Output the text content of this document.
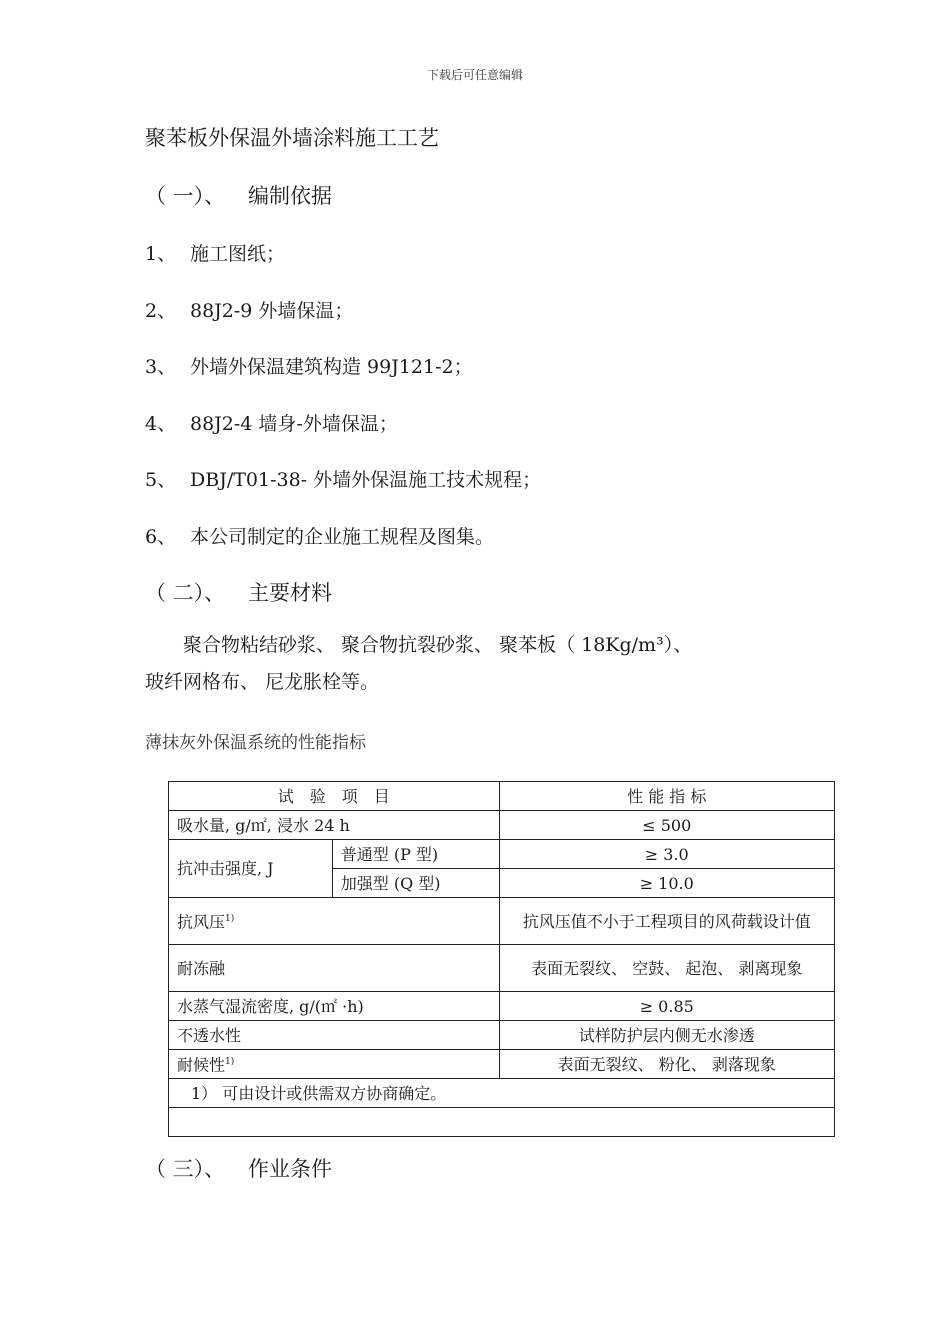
下载后可任意编辑
聚苯板外保温外墙涂料施工工艺
（ 一）、 编制依据
1、 施工图纸；
2、 88J2-9 外墙保温；
3、 外墙外保温建筑构造 99J121-2；
4、 88J2-4 墙身-外墙保温；
5、 DBJ/T01-38- 外墙外保温施工技术规程；
6、 本公司制定的企业施工规程及图集。
（ 二）、 主要材料
聚合物粘结砂浆、 聚合物抗裂砂浆、 聚苯板（ 18Kg/m³）、
玻纤网格布、 尼龙胀栓等。
薄抹灰外保温系统的性能指标
试　验　项　目		性 能 指 标
吸水量, g/㎡, 浸水 24 h		≤ 500
抗冲击强度, J	普通型 (P 型)	≥ 3.0
	加强型 (Q 型)	≥ 10.0
抗风压$^{1)}$		抗风压值不小于工程项目的风荷载设计值
耐冻融		表面无裂纹、 空鼓、 起泡、 剥离现象
水蒸气湿流密度, g/(㎡ ·h)		≥ 0.85
不透水性		试样防护层内侧无水渗透
耐候性$^{1)}$		表面无裂纹、 粉化、 剥落现象
1） 可由设计或供需双方协商确定。		

（ 三）、 作业条件
